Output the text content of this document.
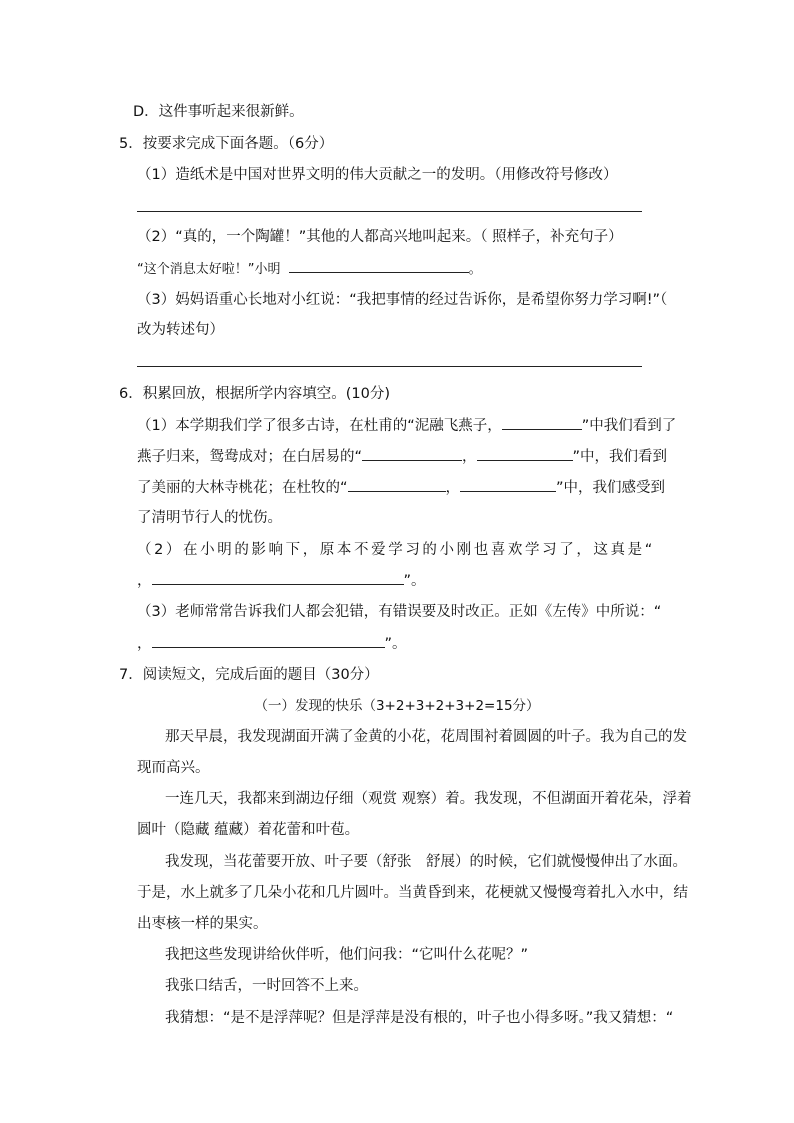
D．这件事听起来很新鲜。
5．按要求完成下面各题。（6分）
（1）造纸术是中国对世界文明的伟大贡献之一的发明。（用修改符号修改）
（2）“真的，一个陶罐！”其他的人都高兴地叫起来。（ 照样子，补充句子）
“这个消息太好啦！”小明	。
（3）妈妈语重心长地对小红说：“我把事情的经过告诉你，是希望你努力学习啊!”（
改为转述句）
6．积累回放，根据所学内容填空。(10分)
（1）本学期我们学了很多古诗，在杜甫的“泥融飞燕子，	”中我们看到了
燕子归来，鸳鸯成对；在白居易的“	，	”中，我们看到
了美丽的大林寺桃花；在杜牧的“	，	”中，我们感受到
了清明节行人的忧伤。
（2）在小明的影响下，原本不爱学习的小刚也喜欢学习了，这真是“
，	”。
（3）老师常常告诉我们人都会犯错，有错误要及时改正。正如《左传》中所说：“
，	”。
7．阅读短文，完成后面的题目（30分）
（一）发现的快乐（3+2+3+2+3+2=15分）
那天早晨，我发现湖面开满了金黄的小花，花周围衬着圆圆的叶子。我为自己的发
现而高兴。
一连几天，我都来到湖边仔细（观赏 观察）着。我发现，不但湖面开着花朵，浮着
圆叶（隐藏 蕴藏）着花蕾和叶苞。
我发现，当花蕾要开放、叶子要（舒张　舒展）的时候，它们就慢慢伸出了水面。
于是，水上就多了几朵小花和几片圆叶。当黄昏到来，花梗就又慢慢弯着扎入水中，结
出枣核一样的果实。
我把这些发现讲给伙伴听，他们问我：“它叫什么花呢？”
我张口结舌，一时回答不上来。
我猜想：“是不是浮萍呢？但是浮萍是没有根的，叶子也小得多呀。”我又猜想：“
